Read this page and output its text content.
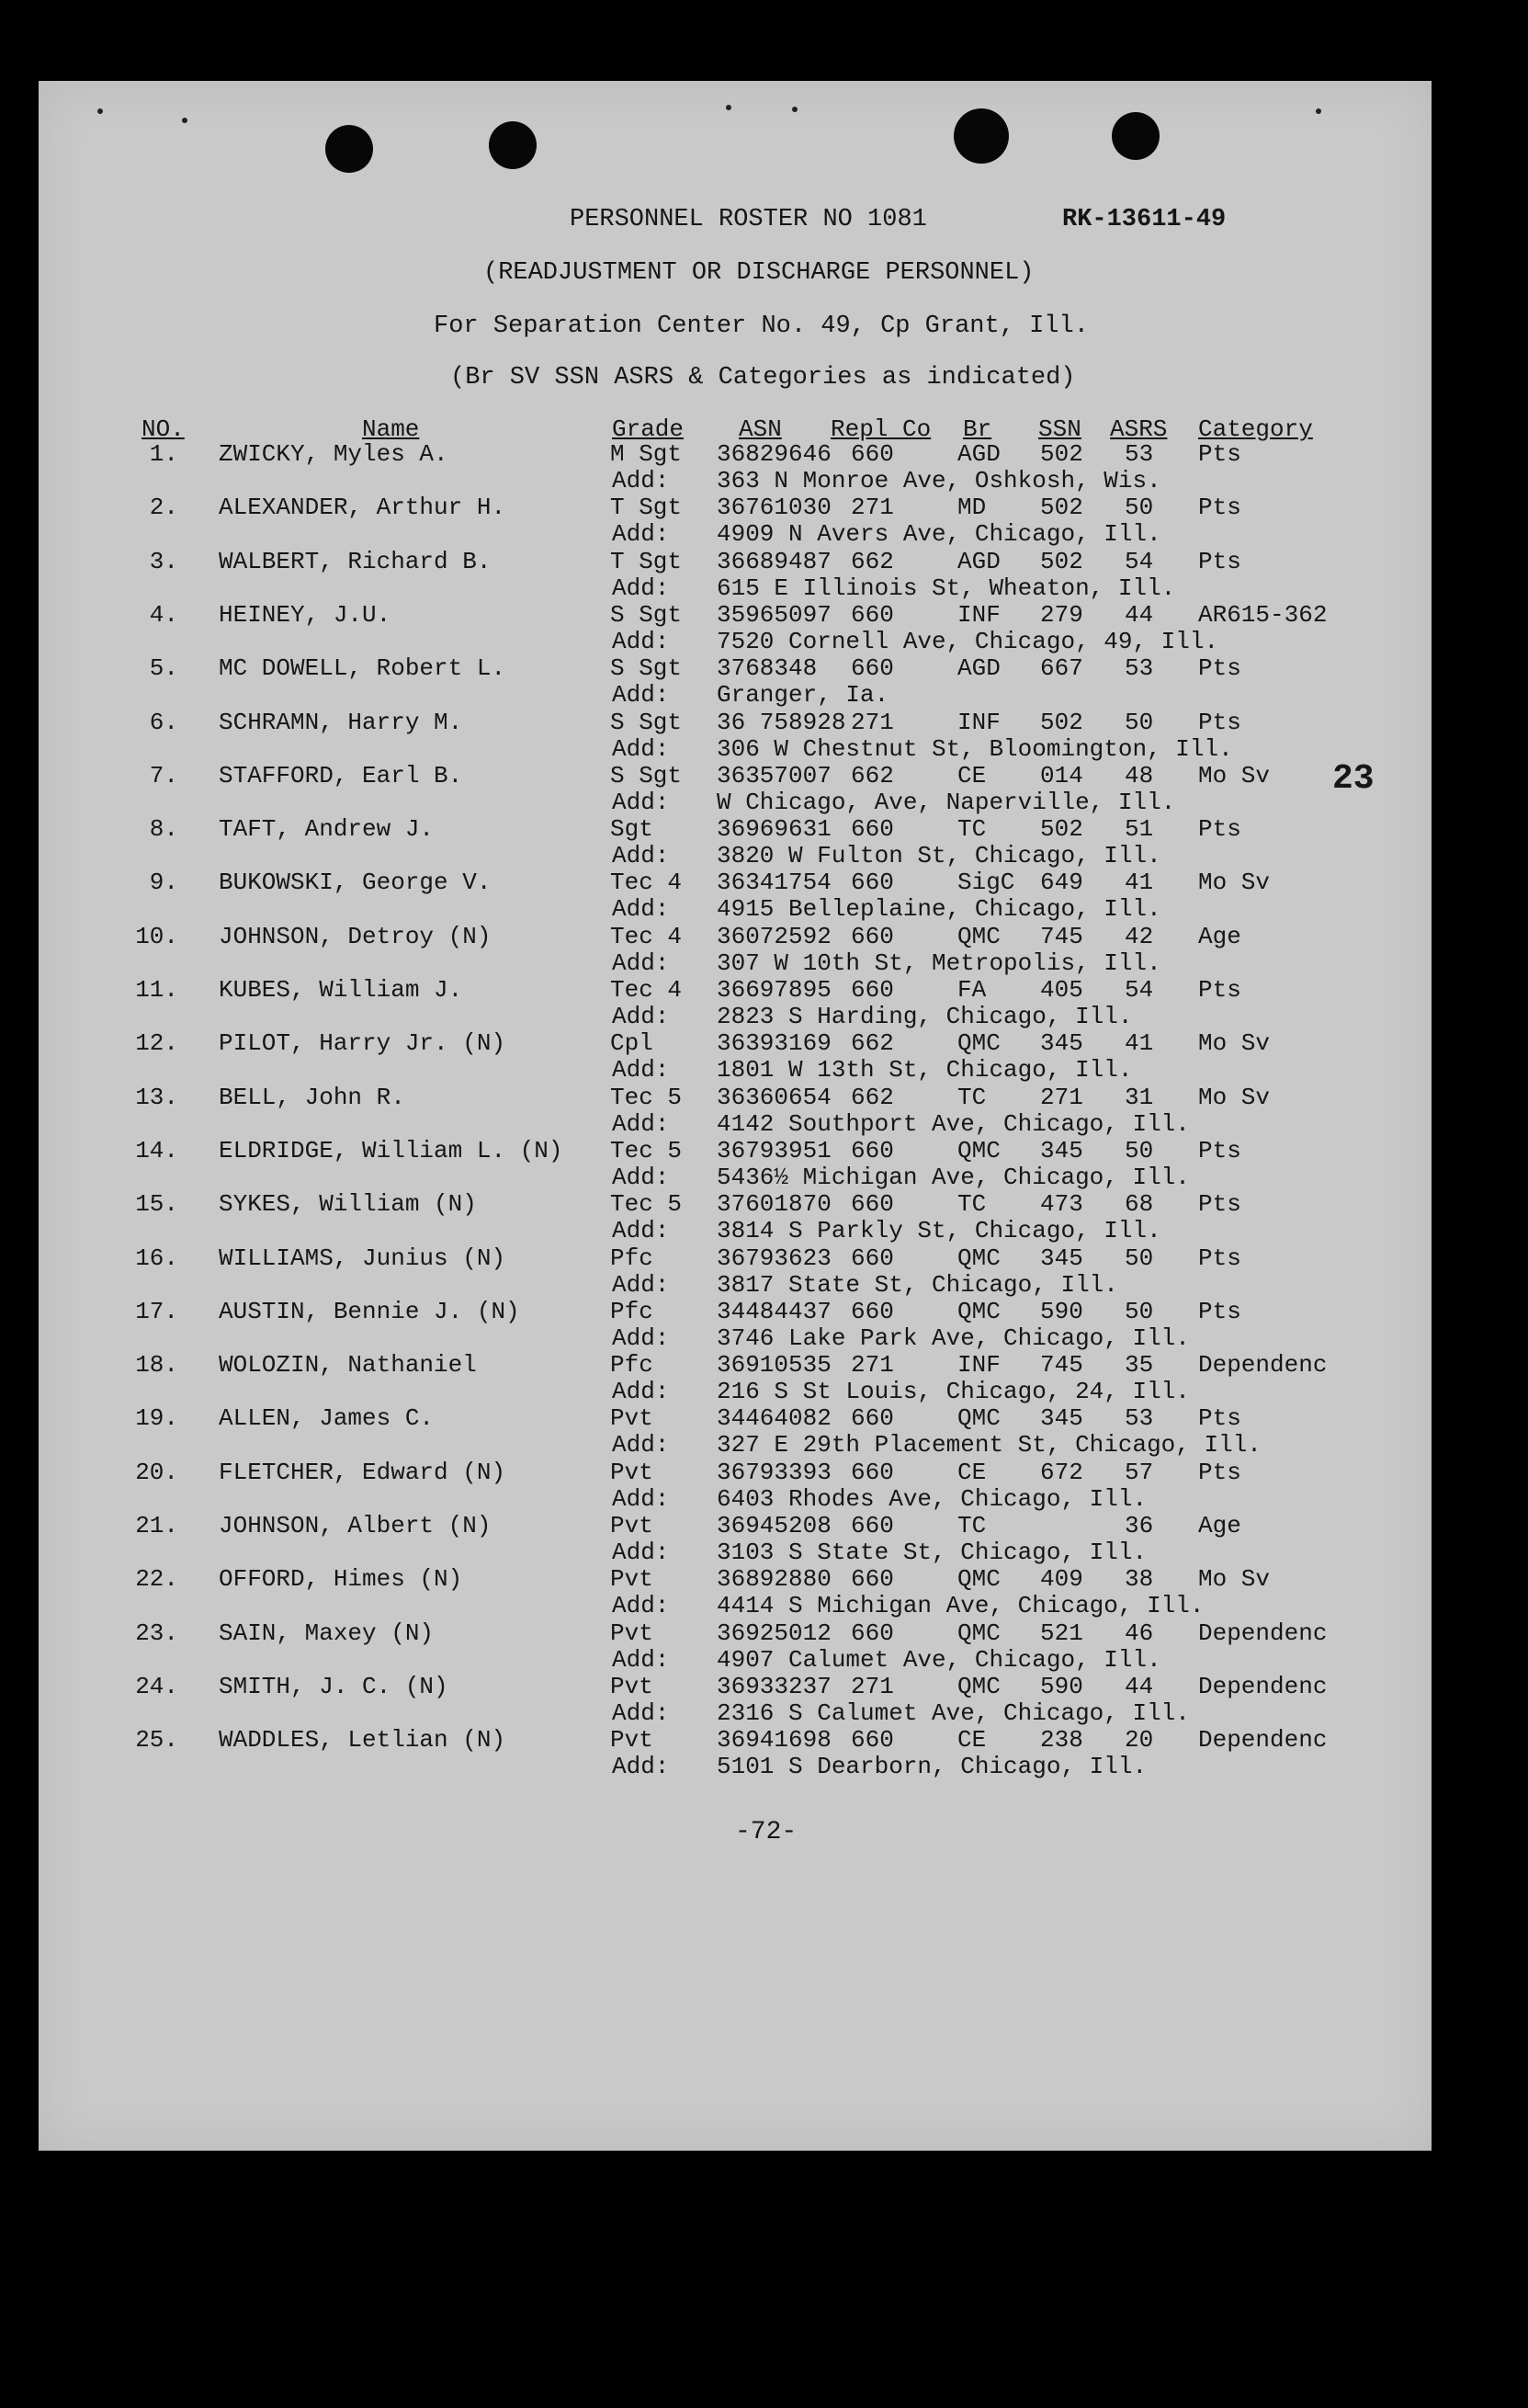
PERSONNEL ROSTER NO 1081	RK-13611-49
(READJUSTMENT OR DISCHARGE PERSONNEL)
For Separation Center No. 49, Cp Grant, Ill.
(Br SV SSN ASRS & Categories as indicated)
NO.	Name	Grade ASN Repl Co Br SSN ASRS Category
1. ZWICKY, Myles A.	M Sgt 36829646 660	AGD 502 53 Pts
Add: 363 N Monroe Ave, Oshkosh, Wis.
2. ALEXANDER, Arthur H.	T Sgt 36761030 271	MD 502 50 Pts
Add: 4909 N Avers Ave, Chicago, Ill.
3. WALBERT, Richard B.	T Sgt 36689487 662	AGD 502 54 Pts
Add: 615 E Illinois St, Wheaton, Ill.
4. HEINEY, J.U.	S Sgt 35965097 660	INF 279 44 AR615-362
Add: 7520 Cornell Ave, Chicago, 49, Ill.
5. MC DOWELL, Robert L.	S Sgt 3768348 660	AGD 667 53 Pts
Add: Granger, Ia.
6. SCHRAMN, Harry M.	S Sgt 36 758928 271	INF 502 50 Pts
Add: 306 W Chestnut St, Bloomington, Ill.
7. STAFFORD, Earl B.	S Sgt 36357007 662	CE 014 48 Mo Sv
Add: W Chicago, Ave, Naperville, Ill.
8. TAFT, Andrew J.	Sgt	36969631 660	TC 502 51 Pts
Add: 3820 W Fulton St, Chicago, Ill.
9. BUKOWSKI, George V.	Tec 4 36341754 660	SigC 649 41 Mo Sv
Add: 4915 Belleplaine, Chicago, Ill.
10. JOHNSON, Detroy (N)	Tec 4 36072592 660	QMC 745 42 Age
Add: 307 W 10th St, Metropolis, Ill.
11. KUBES, William J.	Tec 4 36697895 660	FA 405 54 Pts
Add: 2823 S Harding, Chicago, Ill.
12. PILOT, Harry Jr. (N)	Cpl	36393169 662	QMC 345 41 Mo Sv
Add: 1801 W 13th St, Chicago, Ill.
13. BELL, John R.	Tec 5 36360654 662	TC 271 31 Mo Sv
Add: 4142 Southport Ave, Chicago, Ill.
14. ELDRIDGE, William L. (N) Tec 5 36793951 660	QMC 345 50 Pts
Add: 5436½ Michigan Ave, Chicago, Ill.
15. SYKES, William (N)	Tec 5 37601870 660	TC 473 68 Pts
Add: 3814 S Parkly St, Chicago, Ill.
16. WILLIAMS, Junius (N)	Pfc	36793623 660	QMC 345 50 Pts
Add: 3817 State St, Chicago, Ill.
17. AUSTIN, Bennie J. (N)	Pfc	34484437 660	QMC 590 50 Pts
Add: 3746 Lake Park Ave, Chicago, Ill.
18. WOLOZIN, Nathaniel	Pfc	36910535 271	INF 745 35 Dependenc
Add: 216 S St Louis, Chicago, 24, Ill.
19. ALLEN, James C.	Pvt	34464082 660	QMC 345 53 Pts
Add: 327 E 29th Placement St, Chicago, Ill.
20. FLETCHER, Edward (N)	Pvt	36793393 660	CE 672 57 Pts
Add: 6403 Rhodes Ave, Chicago, Ill.
21. JOHNSON, Albert (N)	Pvt	36945208 660	TC	36 Age
Add: 3103 S State St, Chicago, Ill.
22. OFFORD, Himes (N)	Pvt	36892880 660	QMC 409 38 Mo Sv
Add: 4414 S Michigan Ave, Chicago, Ill.
23. SAIN, Maxey (N)	Pvt	36925012 660	QMC 521 46 Dependenc
Add: 4907 Calumet Ave, Chicago, Ill.
24. SMITH, J. C. (N)	Pvt	36933237 271	QMC 590 44 Dependenc
Add: 2316 S Calumet Ave, Chicago, Ill.
25. WADDLES, Letlian (N)	Pvt	36941698 660	CE 238 20 Dependenc
Add: 5101 S Dearborn, Chicago, Ill.
23
-72-
